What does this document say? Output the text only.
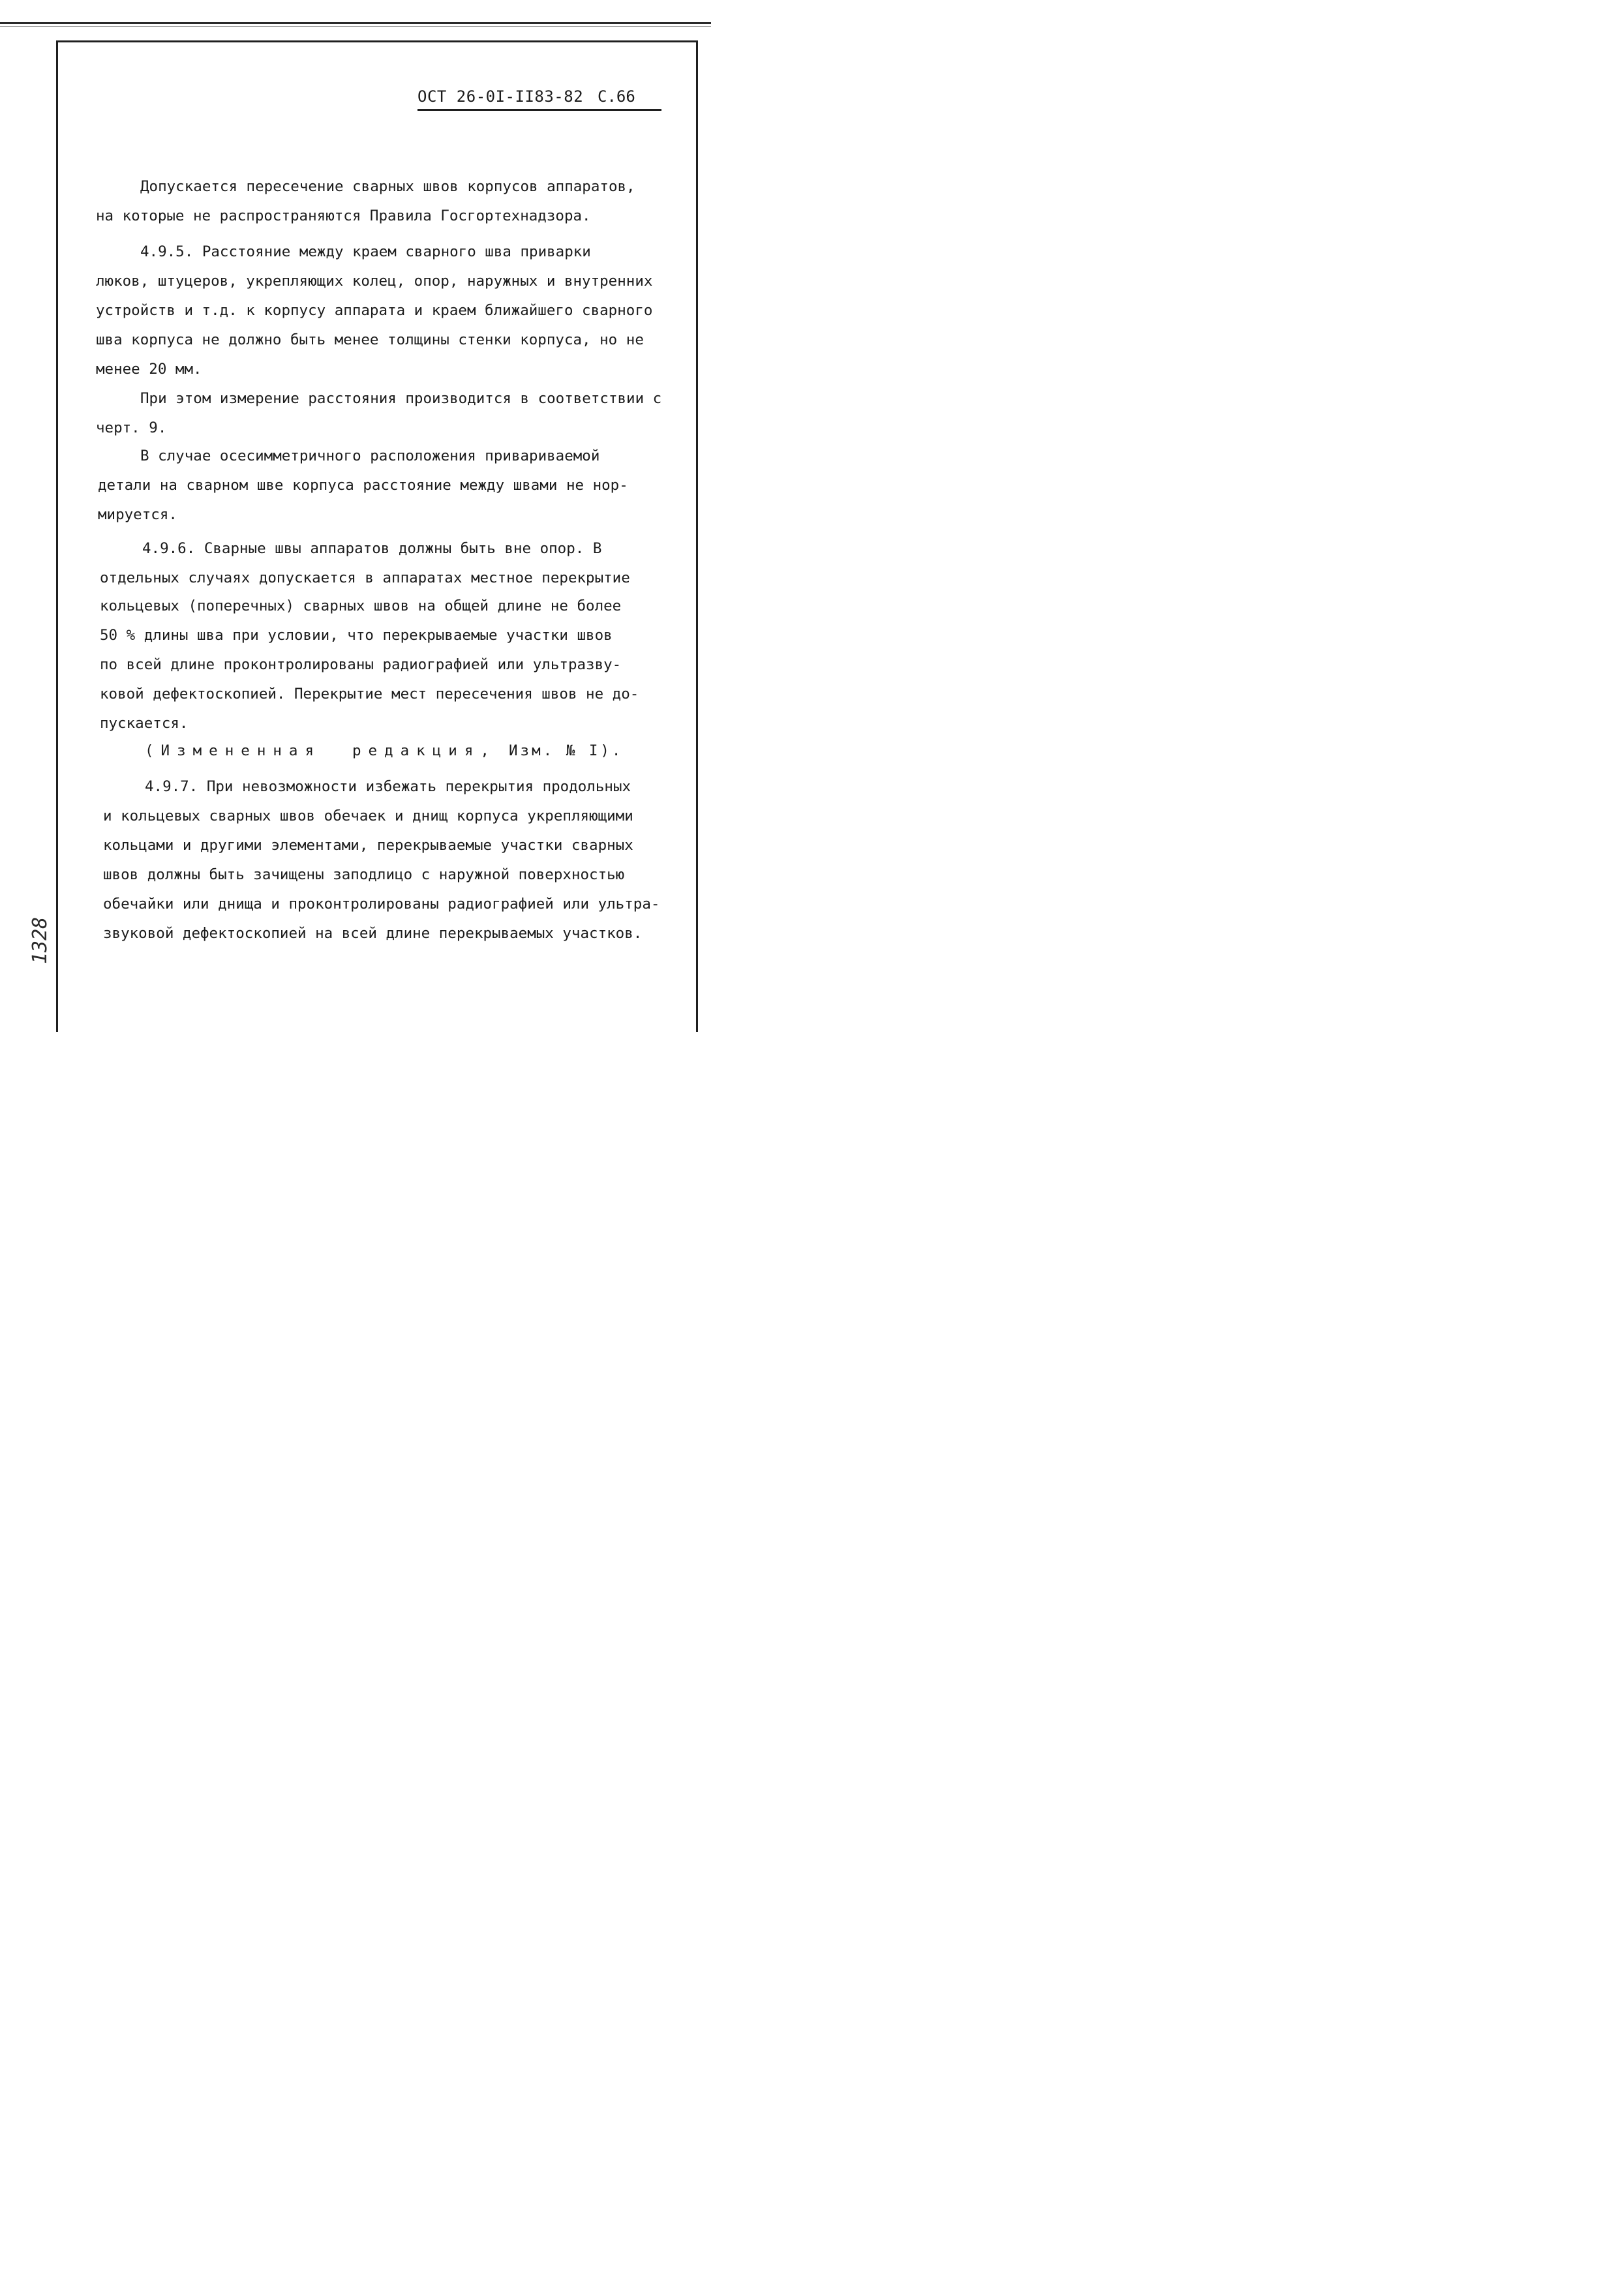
ОСТ 26-0I-II83-82 С.66
Допускается пересечение сварных швов корпусов аппаратов,
на которые не распространяются Правила Госгортехнадзора.
4.9.5. Расстояние между краем сварного шва приварки
люков, штуцеров, укрепляющих колец, опор, наружных и внутренних
устройств и т.д. к корпусу аппарата и краем ближайшего сварного
шва корпуса не должно быть менее толщины стенки корпуса, но не
менее 20 мм.
При этом измерение расстояния производится в соответствии с
черт. 9.
В случае осесимметричного расположения привариваемой
детали на сварном шве корпуса расстояние между швами не нор-
мируется.
4.9.6. Сварные швы аппаратов должны быть вне опор. В
отдельных случаях допускается в аппаратах местное перекрытие
кольцевых (поперечных) сварных швов на общей длине не более
50 % длины шва при условии, что перекрываемые участки швов
по всей длине проконтролированы радиографией или ультразву-
ковой дефектоскопией. Перекрытие мест пересечения швов не до-
пускается.
(Измененная редакция, Изм. № I).
4.9.7. При невозможности избежать перекрытия продольных
и кольцевых сварных швов обечаек и днищ корпуса укрепляющими
кольцами и другими элементами, перекрываемые участки сварных
швов должны быть зачищены заподлицо с наружной поверхностью
обечайки или днища и проконтролированы радиографией или ультра-
звуковой дефектоскопией на всей длине перекрываемых участков.
1328
